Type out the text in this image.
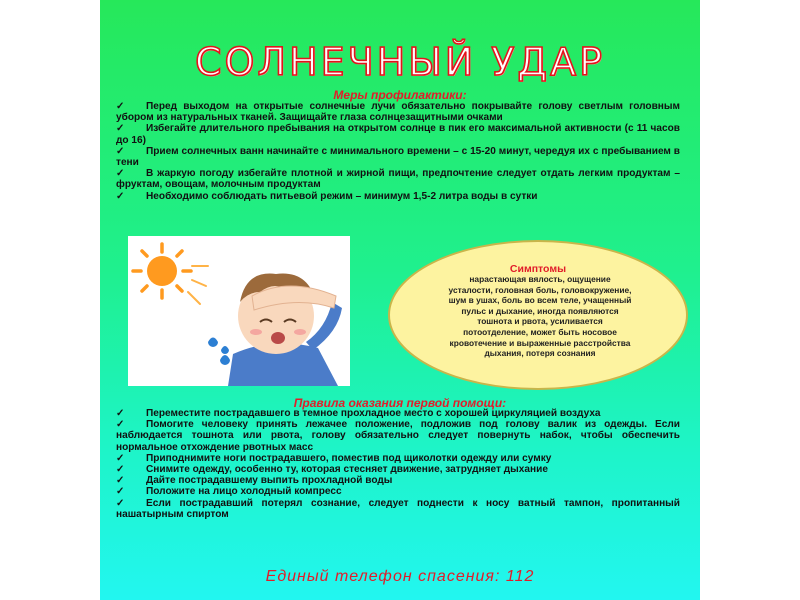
СОЛНЕЧНЫЙ УДАР
Меры профилактики:
✓ Перед выходом на открытые солнечные лучи обязательно покрывайте голову светлым головным убором из натуральных тканей. Защищайте глаза солнцезащитными очками
✓ Избегайте длительного пребывания на открытом солнце в пик его максимальной активности (с 11 часов до 16)
✓ Прием солнечных ванн начинайте с минимального времени – с 15-20 минут, чередуя их с пребыванием в тени
✓ В жаркую погоду избегайте плотной и жирной пищи, предпочтение следует отдать легким продуктам – фруктам, овощам, молочным продуктам
✓ Необходимо соблюдать питьевой режим – минимум 1,5-2 литра воды в сутки
Симптомы
нарастающая вялость, ощущение усталости, головная боль, головокружение, шум в ушах, боль во всем теле, учащенный пульс и дыхание, иногда появляются тошнота и рвота, усиливается потоотделение, может быть носовое кровотечение и выраженные расстройства дыхания, потеря сознания
Правила оказания первой помощи:
✓ Переместите пострадавшего в темное прохладное место с хорошей циркуляцией воздуха
✓ Помогите человеку принять лежачее положение, подложив под голову валик из одежды. Если наблюдается тошнота или рвота, голову обязательно следует повернуть набок, чтобы обеспечить нормальное отхождение рвотных масс
✓ Приподнимите ноги пострадавшего, поместив под щиколотки одежду или сумку
✓ Снимите одежду, особенно ту, которая стесняет движение, затрудняет дыхание
✓ Дайте пострадавшему выпить прохладной воды
✓ Положите на лицо холодный компресс
✓ Если пострадавший потерял сознание, следует поднести к носу ватный тампон, пропитанный нашатырным спиртом
Единый телефон спасения: 112
